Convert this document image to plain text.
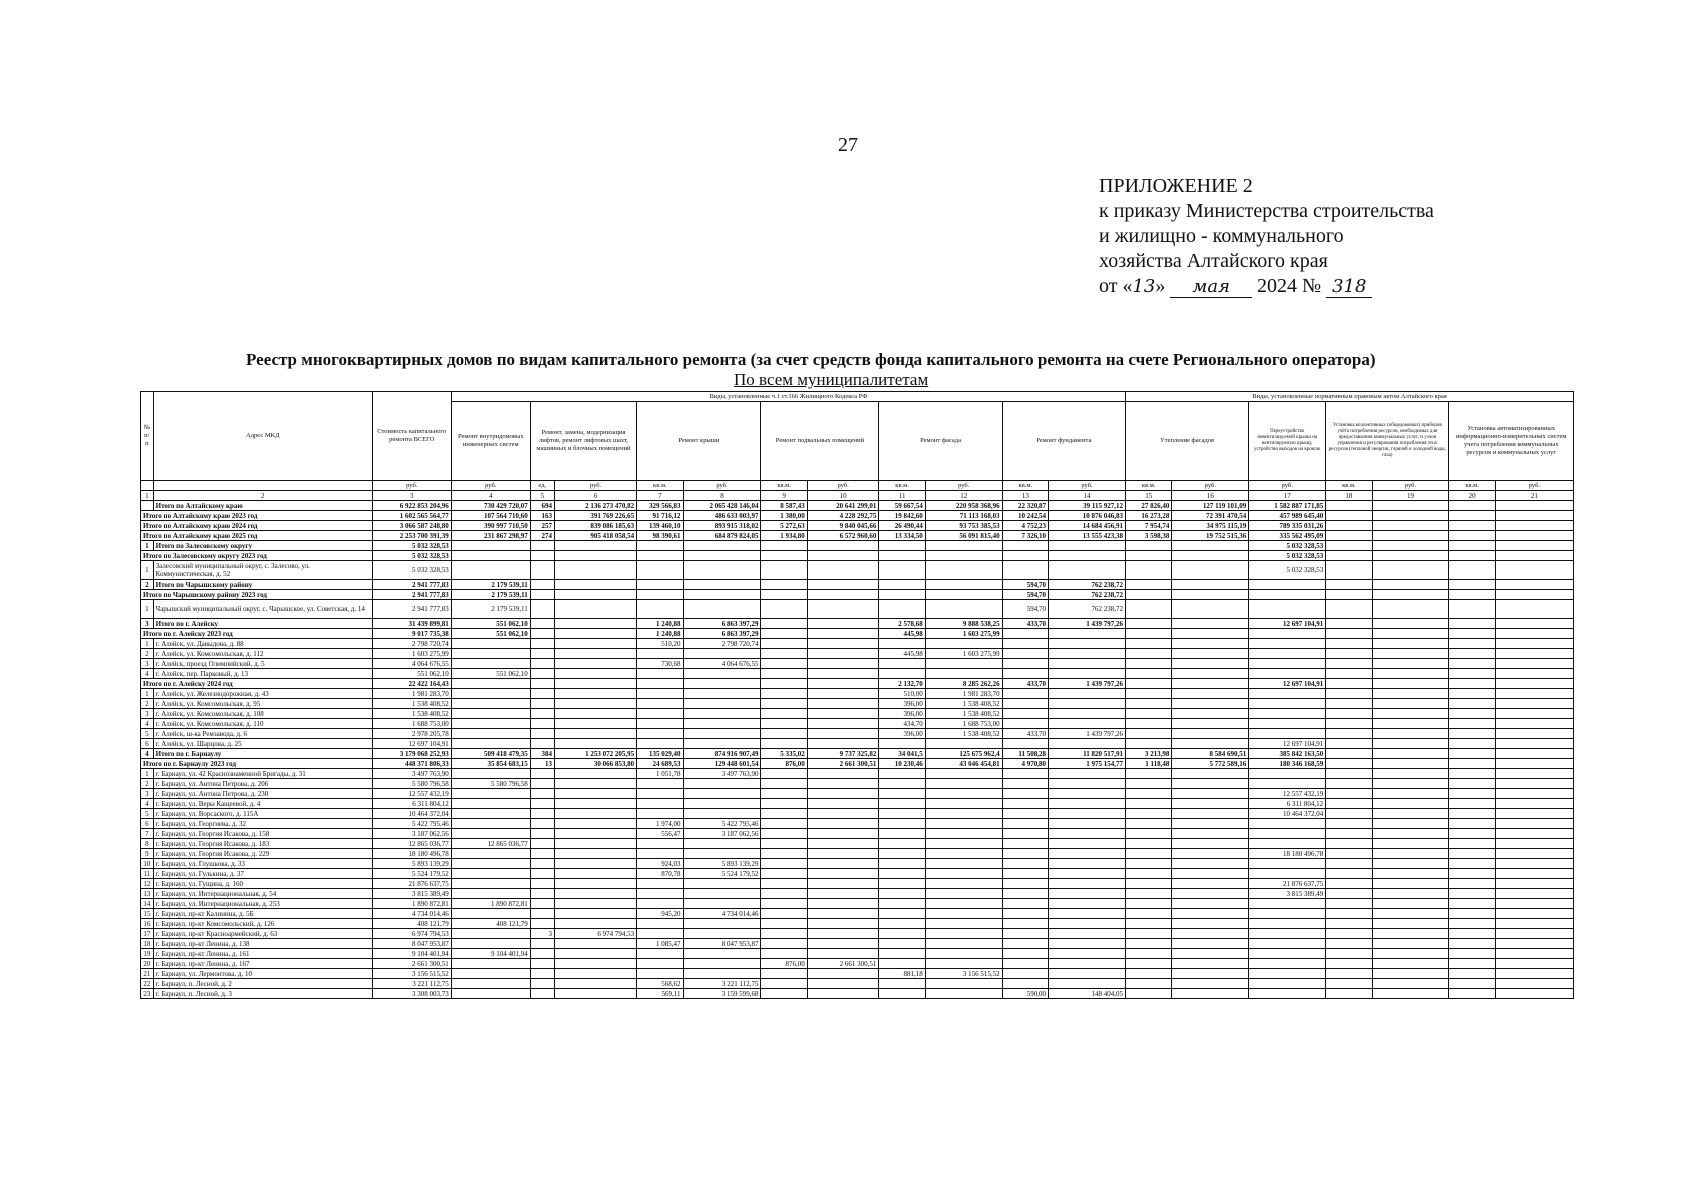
27
ПРИЛОЖЕНИЕ 2
к приказу Министерства строительства
и жилищно - коммунального
хозяйства Алтайского края
от «13» мая 2024 № 318
Реестр многоквартирных домов по видам капитального ремонта (за счет средств фонда капитального ремонта на счете Регионального оператора)
По всем муниципалитетам
№ п/п	Адрес МКД	Стоимость капитального ремонта ВСЕГО	Виды, установленные ч.1 ст.166 Жилищного Кодекса РФ											Виды, установленные нормативным правовым актом Алтайского края						
			Ремонт внутридомовых инженерных систем	Ремонт, замена, модернизация лифтов, ремонт лифтовых шахт, машинных и блочных помещений		Ремонт крыши		Ремонт подвальных помещений		Ремонт фасада		Ремонт фундамента		Утепление фасадов		Переустройство невентилируемой крыши на вентилируемую крышу, устройство выходов на кровлю	Установка коллективных (общедомовых) приборов учёта потребления ресурсов, необходимых для предоставления коммунальных услуг, и узлов управления и регулирования потребления этих ресурсов (тепловой энергии, горячей и холодной воды, газа)		Установка автоматизированных информационно-измерительных систем учета потребления коммунальных ресурсов и коммунальных услуг	
		руб.	руб.	ед.	руб.	кв.м.	руб.	кв.м.	руб.	кв.м.	руб.	кв.м.	руб.	кв.м.	руб.	руб.	кв.м.	руб.	кв.м.	руб.
1	2	3	4	5	6	7	8	9	10	11	12	13	14	15	16	17	18	19	20	21
	Итого по Алтайскому краю	6 922 853 204,96	730 429 720,07	694	2 136 273 470,82	329 566,83	2 065 428 146,04	8 587,43	20 641 299,01	59 667,54	220 958 368,96	22 320,87	39 115 927,12	27 826,40	127 119 101,09	1 582 887 171,85				
Итого по Алтайскому краю 2023 год		1 602 565 564,77	107 564 710,60	163	391 769 226,65	91 716,12	486 633 003,97	1 380,00	4 228 292,75	19 842,60	71 113 168,03	10 242,54	10 876 046,83	16 273,28	72 391 470,54	457 989 645,40				
Итого по Алтайскому краю 2024 год		3 066 587 248,80	390 997 710,50	257	839 086 185,63	139 460,10	893 915 318,02	5 272,63	9 840 045,66	26 490,44	93 753 385,53	4 752,23	14 684 456,91	7 954,74	34 975 115,19	789 335 031,26				
Итого по Алтайскому краю 2025 год		2 253 700 391,39	231 867 298,97	274	905 418 058,54	98 390,61	684 879 824,05	1 934,80	6 572 960,60	13 334,50	56 091 815,40	7 326,10	13 555 423,38	3 598,38	19 752 515,36	335 562 495,09				
1	Итого по Залесовскому округу	5 032 328,53														5 032 328,53				
Итого по Залесовскому округу 2023 год		5 032 328,53														5 032 328,53				
1	Залесовский муниципальный округ, с. Залесово, ул. Коммунистическая, д. 52	5 032 328,53														5 032 328,53				
2	Итого по Чарышскому району	2 941 777,83	2 179 539,11									594,70	762 238,72							
Итого по Чарышскому району 2023 год		2 941 777,83	2 179 539,11									594,70	762 238,72							
1	Чарышский муниципальный округ, с. Чарышское, ул. Советская, д. 14	2 941 777,83	2 179 539,11									594,70	762 238,72							
3	Итого по г. Алейску	31 439 899,81	551 062,10			1 240,88	6 863 397,29			2 578,68	9 888 538,25	433,70	1 439 797,26			12 697 104,91				
Итого по г. Алейску 2023 год		9 017 735,38	551 062,10			1 240,88	6 863 397,29			445,98	1 603 275,99									
1	г. Алейск, ул. Давыдова, д. 88	2 798 720,74				510,20	2 798 720,74													
2	г. Алейск, ул. Комсомольская, д. 112	1 603 275,99								445,98	1 603 275,99									
3	г. Алейск, проезд Олимпийский, д. 5	4 064 676,55				730,68	4 064 676,55													
4	г. Алейск, пер. Парковый, д. 13	551 062,10	551 062,10																	
Итого по г. Алейску 2024 год		22 422 164,43								2 132,70	8 285 262,26	433,70	1 439 797,26			12 697 104,91				
1	г. Алейск, ул. Железнодорожная, д. 43	1 981 283,70								510,00	1 981 283,70									
2	г. Алейск, ул. Комсомольская, д. 95	1 538 408,52								396,00	1 538 408,52									
3	г. Алейск, ул. Комсомольская, д. 108	1 538 408,52								396,00	1 538 408,52									
4	г. Алейск, ул. Комсомольская, д. 110	1 688 753,00								434,70	1 688 753,00									
5	г. Алейск, ш-ка Ремзавода, д. 6	2 978 205,78								396,00	1 538 408,52	433,70	1 439 797,26							
6	г. Алейск, ул. Шарцова, д. 25	12 697 104,91														12 697 104,91				
4	Итого по г. Барнаулу	3 179 068 252,93	509 418 479,35	384	1 253 072 205,95	135 029,40	874 916 907,49	5 335,02	9 737 325,82	34 041,5	125 675 962,4	11 508,28	11 820 517,91	3 213,98	8 584 690,51	385 842 163,50				
Итого по г. Барнаулу 2023 год		448 371 806,33	35 854 683,15	13	30 066 853,80	24 689,53	129 448 601,54	876,00	2 661 300,51	10 230,46	43 046 454,81	4 970,80	1 975 154,77	1 118,48	5 772 589,16	180 346 168,59				
1	г. Барнаул, ул. 42 Краснознаменной Бригады, д. 31	3 497 763,90				1 051,78	3 497 763,90													
2	г. Барнаул, ул. Антона Петрова, д. 206	5 580 796,58	5 580 796,58																	
3	г. Барнаул, ул. Антона Петрова, д. 230	12 557 432,19														12 557 432,19				
4	г. Барнаул, ул. Веры Кащеевой, д. 4	6 311 804,12														6 311 804,12				
5	г. Барнаул, ул. Ворсаского, д. 115А	10 464 372,04														10 464 372,04				
6	г. Барнаул, ул. Георгиева, д. 32	5 422 795,46				1 974,00	5 422 795,46													
7	г. Барнаул, ул. Георгия Исакова, д. 158	3 187 062,56				556,47	3 187 062,56													
8	г. Барнаул, ул. Георгия Исакова, д. 183	12 865 036,77	12 865 036,77																	
9	г. Барнаул, ул. Георгия Исакова, д. 229	18 180 496,78														18 180 496,78				
10	г. Барнаул, ул. Глушкова, д. 33	5 893 139,29				924,03	5 893 139,29													
11	г. Барнаул, ул. Гулькина, д. 37	5 524 179,52				870,78	5 524 179,52													
12	г. Барнаул, ул. Гущина, д. 160	21 876 637,75														21 876 637,75				
13	г. Барнаул, ул. Интернациональная, д. 54	3 815 389,49														3 815 389,49				
14	г. Барнаул, ул. Интернациональная, д. 253	1 890 872,81	1 890 872,81																	
15	г. Барнаул, пр-кт Калинина, д. 5Б	4 734 014,46				945,20	4 734 014,46													
16	г. Барнаул, пр-кт Комсомольский, д. 126	408 121,79	408 121,79																	
17	г. Барнаул, пр-кт Красноармейский, д. 63	6 974 794,53		3	6 974 794,53															
18	г. Барнаул, пр-кт Ленина, д. 138	8 047 953,87				1 085,47	8 047 953,87													
19	г. Барнаул, пр-кт Ленина, д. 161	9 104 401,94	9 104 401,94																	
20	г. Барнаул, пр-кт Ленина, д. 167	2 661 300,51						876,00	2 661 300,51											
21	г. Барнаул, ул. Лермонтова, д. 10	3 156 515,52								881,18	3 156 515,52									
22	г. Барнаул, п. Лесной, д. 2	3 221 112,75				568,62	3 221 112,75													
23	г. Барнаул, п. Лесной, д. 3	3 308 003,73				569,11	3 159 599,68					590,00	148 404,05							
